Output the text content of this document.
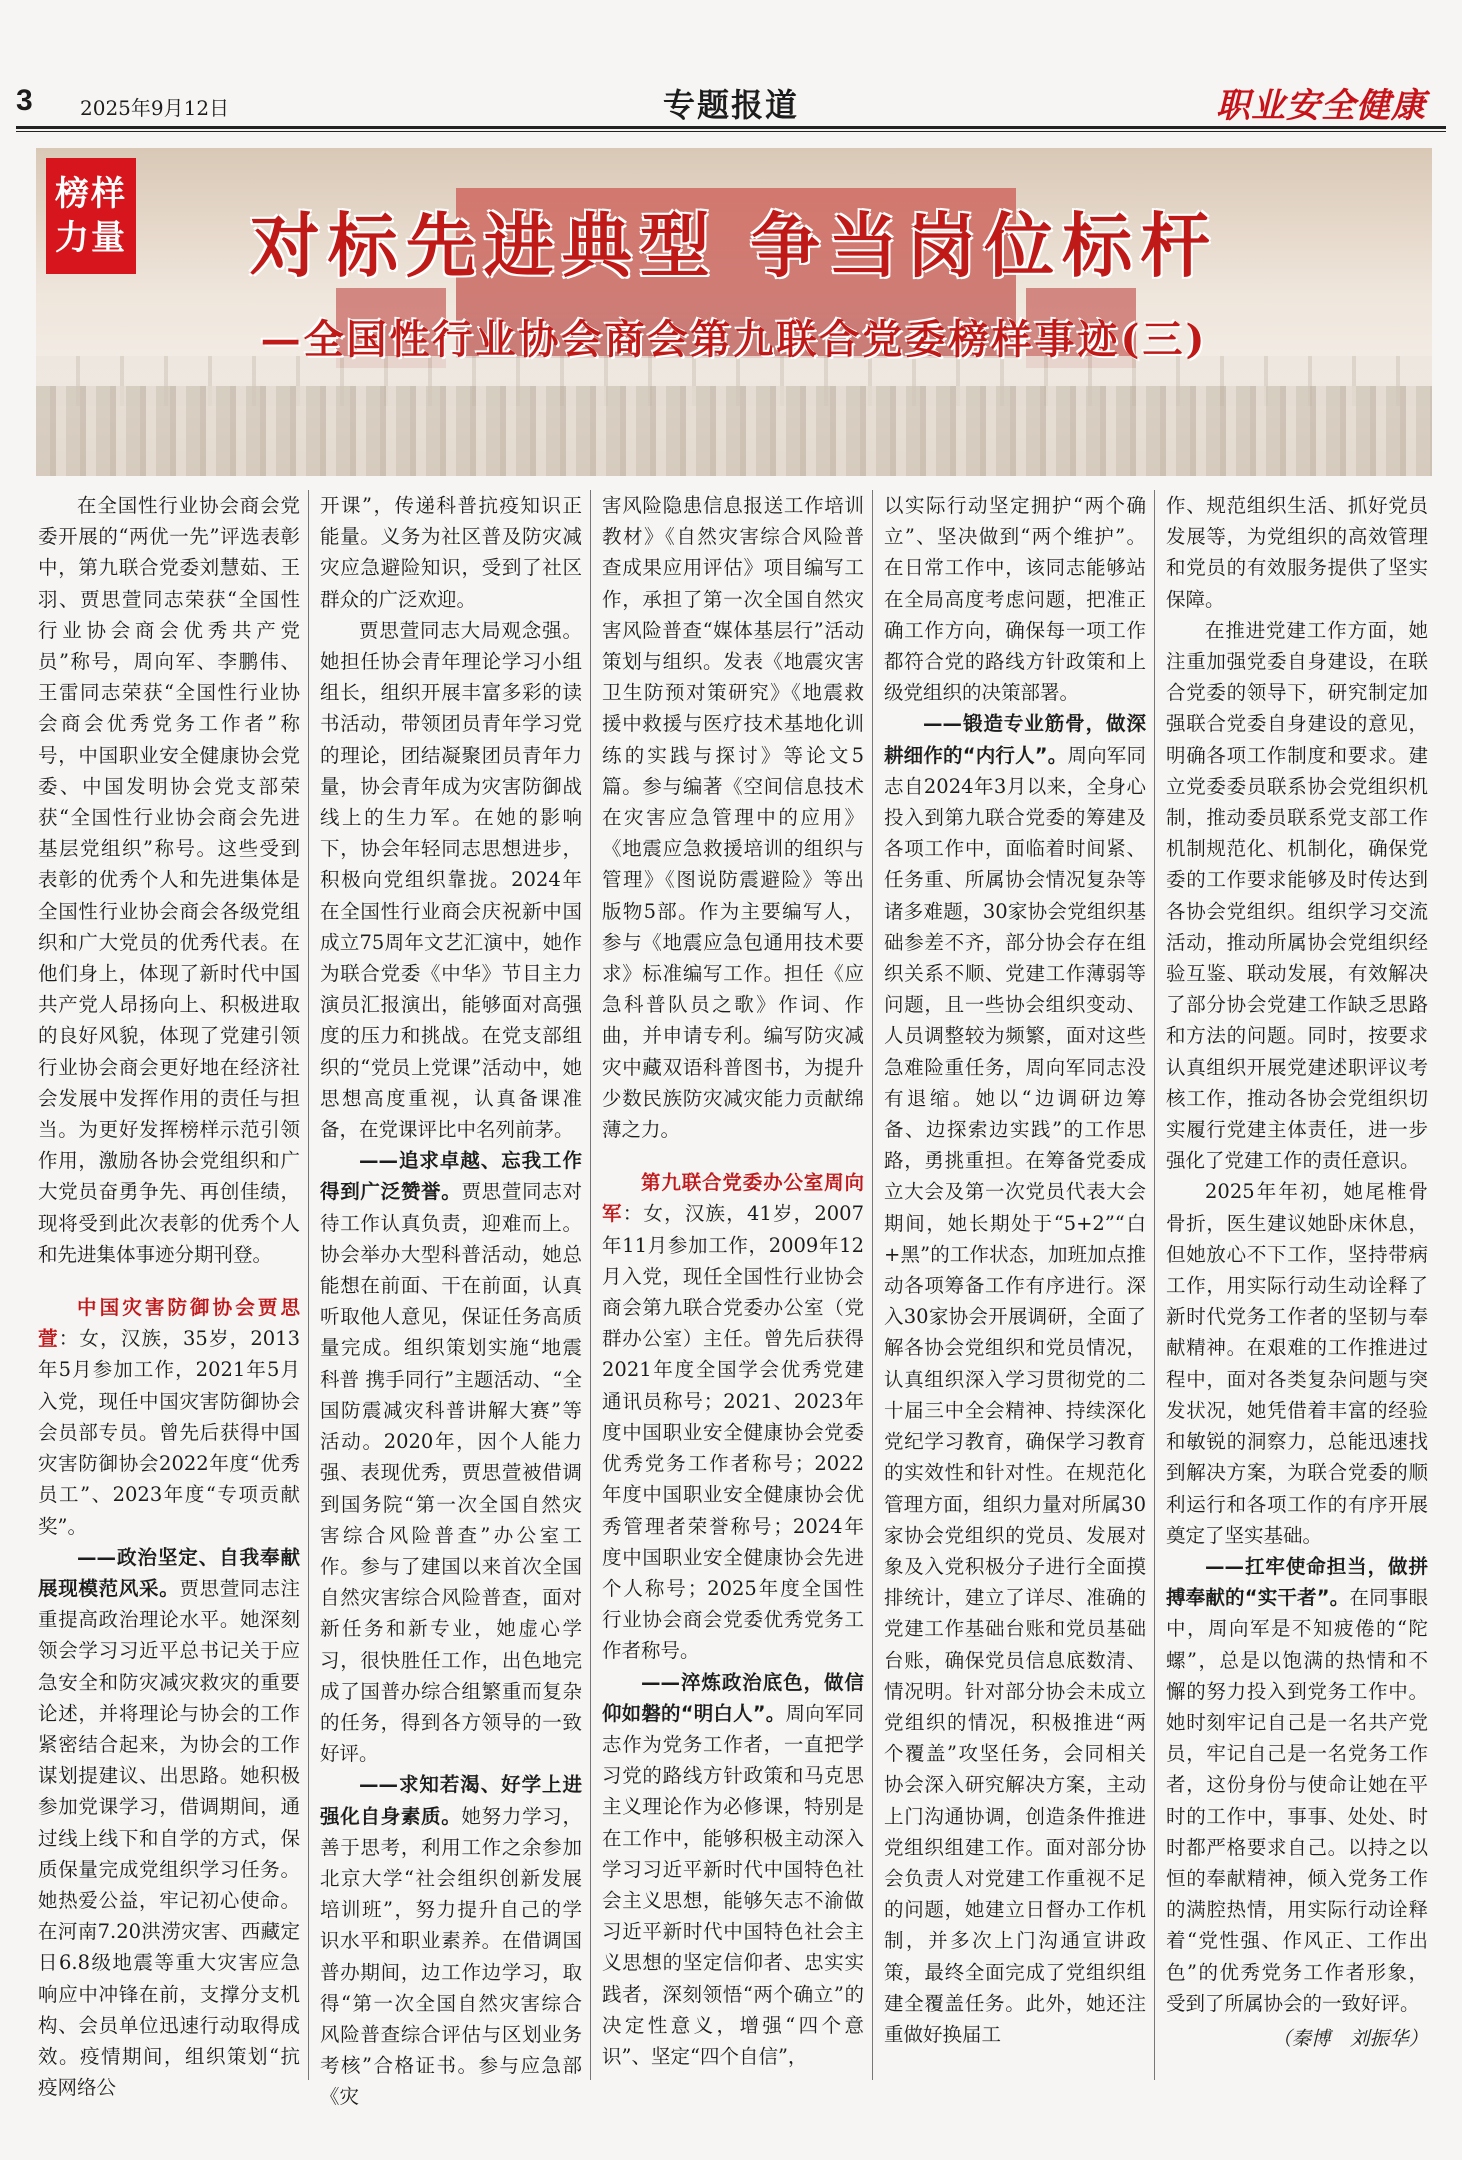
3 2025年9月12日	专题报道	职业安全健康
榜样
力量	对标先进典型 争当岗位标杆
—全国性行业协会商会第九联合党委榜样事迹(三)

在全国性行业协会商会党委开展的“两优一先”评选表彰中，第九联合党委刘慧茹、王羽、贾思萱同志荣获“全国性行业协会商会优秀共产党员”称号，周向军、李鹏伟、王雷同志荣获“全国性行业协会商会优秀党务工作者”称号，中国职业安全健康协会党委、中国发明协会党支部荣获“全国性行业协会商会先进基层党组织”称号。这些受到表彰的优秀个人和先进集体是全国性行业协会商会各级党组织和广大党员的优秀代表。在他们身上，体现了新时代中国共产党人昂扬向上、积极进取的良好风貌，体现了党建引领行业协会商会更好地在经济社会发展中发挥作用的责任与担当。为更好发挥榜样示范引领作用，激励各协会党组织和广大党员奋勇争先、再创佳绩，现将受到此次表彰的优秀个人和先进集体事迹分期刊登。

中国灾害防御协会贾思萱：女，汉族，35岁，2013年5月参加工作，2021年5月入党，现任中国灾害防御协会会员部专员。曾先后获得中国灾害防御协会2022年度“优秀员工”、2023年度“专项贡献奖”。

——政治坚定、自我奉献展现模范风采。贾思萱同志注重提高政治理论水平。她深刻领会学习习近平总书记关于应急安全和防灾减灾救灾的重要论述，并将理论与协会的工作紧密结合起来，为协会的工作谋划提建议、出思路。她积极参加党课学习，借调期间，通过线上线下和自学的方式，保质保量完成党组织学习任务。她热爱公益，牢记初心使命。在河南7.20洪涝灾害、西藏定日6.8级地震等重大灾害应急响应中冲锋在前，支撑分支机构、会员单位迅速行动取得成效。疫情期间，组织策划“抗疫网络公

开课”，传递科普抗疫知识正能量。义务为社区普及防灾减灾应急避险知识，受到了社区群众的广泛欢迎。

贾思萱同志大局观念强。她担任协会青年理论学习小组组长，组织开展丰富多彩的读书活动，带领团员青年学习党的理论，团结凝聚团员青年力量，协会青年成为灾害防御战线上的生力军。在她的影响下，协会年轻同志思想进步，积极向党组织靠拢。2024年在全国性行业商会庆祝新中国成立75周年文艺汇演中，她作为联合党委《中华》节目主力演员汇报演出，能够面对高强度的压力和挑战。在党支部组织的“党员上党课”活动中，她思想高度重视，认真备课准备，在党课评比中名列前茅。

——追求卓越、忘我工作得到广泛赞誉。贾思萱同志对待工作认真负责，迎难而上。协会举办大型科普活动，她总能想在前面、干在前面，认真听取他人意见，保证任务高质量完成。组织策划实施“地震科普 携手同行”主题活动、“全国防震减灾科普讲解大赛”等活动。2020年，因个人能力强、表现优秀，贾思萱被借调到国务院“第一次全国自然灾害综合风险普查”办公室工作。参与了建国以来首次全国自然灾害综合风险普查，面对新任务和新专业，她虚心学习，很快胜任工作，出色地完成了国普办综合组繁重而复杂的任务，得到各方领导的一致好评。

——求知若渴、好学上进强化自身素质。她努力学习，善于思考，利用工作之余参加北京大学“社会组织创新发展培训班”，努力提升自己的学识水平和职业素养。在借调国普办期间，边工作边学习，取得“第一次全国自然灾害综合风险普查综合评估与区划业务考核”合格证书。参与应急部《灾

害风险隐患信息报送工作培训教材》《自然灾害综合风险普查成果应用评估》项目编写工作，承担了第一次全国自然灾害风险普查“媒体基层行”活动策划与组织。发表《地震灾害卫生防预对策研究》《地震救援中救援与医疗技术基地化训练的实践与探讨》等论文5篇。参与编著《空间信息技术在灾害应急管理中的应用》《地震应急救援培训的组织与管理》《图说防震避险》等出版物5部。作为主要编写人，参与《地震应急包通用技术要求》标准编写工作。担任《应急科普队员之歌》作词、作曲，并申请专利。编写防灾减灾中藏双语科普图书，为提升少数民族防灾减灾能力贡献绵薄之力。

第九联合党委办公室周向军：女，汉族，41岁，2007年11月参加工作，2009年12月入党，现任全国性行业协会商会第九联合党委办公室（党群办公室）主任。曾先后获得2021年度全国学会优秀党建通讯员称号；2021、2023年度中国职业安全健康协会党委优秀党务工作者称号；2022年度中国职业安全健康协会优秀管理者荣誉称号；2024年度中国职业安全健康协会先进个人称号；2025年度全国性行业协会商会党委优秀党务工作者称号。

——淬炼政治底色，做信仰如磐的“明白人”。周向军同志作为党务工作者，一直把学习党的路线方针政策和马克思主义理论作为必修课，特别是在工作中，能够积极主动深入学习习近平新时代中国特色社会主义思想，能够矢志不渝做习近平新时代中国特色社会主义思想的坚定信仰者、忠实实践者，深刻领悟“两个确立”的决定性意义，增强“四个意识”、坚定“四个自信”，

以实际行动坚定拥护“两个确立”、坚决做到“两个维护”。在日常工作中，该同志能够站在全局高度考虑问题，把准正确工作方向，确保每一项工作都符合党的路线方针政策和上级党组织的决策部署。

——锻造专业筋骨，做深耕细作的“内行人”。周向军同志自2024年3月以来，全身心投入到第九联合党委的筹建及各项工作中，面临着时间紧、任务重、所属协会情况复杂等诸多难题，30家协会党组织基础参差不齐，部分协会存在组织关系不顺、党建工作薄弱等问题，且一些协会组织变动、人员调整较为频繁，面对这些急难险重任务，周向军同志没有退缩。她以“边调研边筹备、边探索边实践”的工作思路，勇挑重担。在筹备党委成立大会及第一次党员代表大会期间，她长期处于“5+2”“白+黑”的工作状态，加班加点推动各项筹备工作有序进行。深入30家协会开展调研，全面了解各协会党组织和党员情况，认真组织深入学习贯彻党的二十届三中全会精神、持续深化党纪学习教育，确保学习教育的实效性和针对性。在规范化管理方面，组织力量对所属30家协会党组织的党员、发展对象及入党积极分子进行全面摸排统计，建立了详尽、准确的党建工作基础台账和党员基础台账，确保党员信息底数清、情况明。针对部分协会未成立党组织的情况，积极推进“两个覆盖”攻坚任务，会同相关协会深入研究解决方案，主动上门沟通协调，创造条件推进党组织组建工作。面对部分协会负责人对党建工作重视不足的问题，她建立日督办工作机制，并多次上门沟通宣讲政策，最终全面完成了党组织组建全覆盖任务。此外，她还注重做好换届工

作、规范组织生活、抓好党员发展等，为党组织的高效管理和党员的有效服务提供了坚实保障。

在推进党建工作方面，她注重加强党委自身建设，在联合党委的领导下，研究制定加强联合党委自身建设的意见，明确各项工作制度和要求。建立党委委员联系协会党组织机制，推动委员联系党支部工作机制规范化、机制化，确保党委的工作要求能够及时传达到各协会党组织。组织学习交流活动，推动所属协会党组织经验互鉴、联动发展，有效解决了部分协会党建工作缺乏思路和方法的问题。同时，按要求认真组织开展党建述职评议考核工作，推动各协会党组织切实履行党建主体责任，进一步强化了党建工作的责任意识。

2025年年初，她尾椎骨骨折，医生建议她卧床休息，但她放心不下工作，坚持带病工作，用实际行动生动诠释了新时代党务工作者的坚韧与奉献精神。在艰难的工作推进过程中，面对各类复杂问题与突发状况，她凭借着丰富的经验和敏锐的洞察力，总能迅速找到解决方案，为联合党委的顺利运行和各项工作的有序开展奠定了坚实基础。

——扛牢使命担当，做拼搏奉献的“实干者”。在同事眼中，周向军是不知疲倦的“陀螺”，总是以饱满的热情和不懈的努力投入到党务工作中。她时刻牢记自己是一名共产党员，牢记自己是一名党务工作者，这份身份与使命让她在平时的工作中，事事、处处、时时都严格要求自己。以持之以恒的奉献精神，倾入党务工作的满腔热情，用实际行动诠释着“党性强、作风正、工作出色”的优秀党务工作者形象，受到了所属协会的一致好评。

（秦博　刘振华）
